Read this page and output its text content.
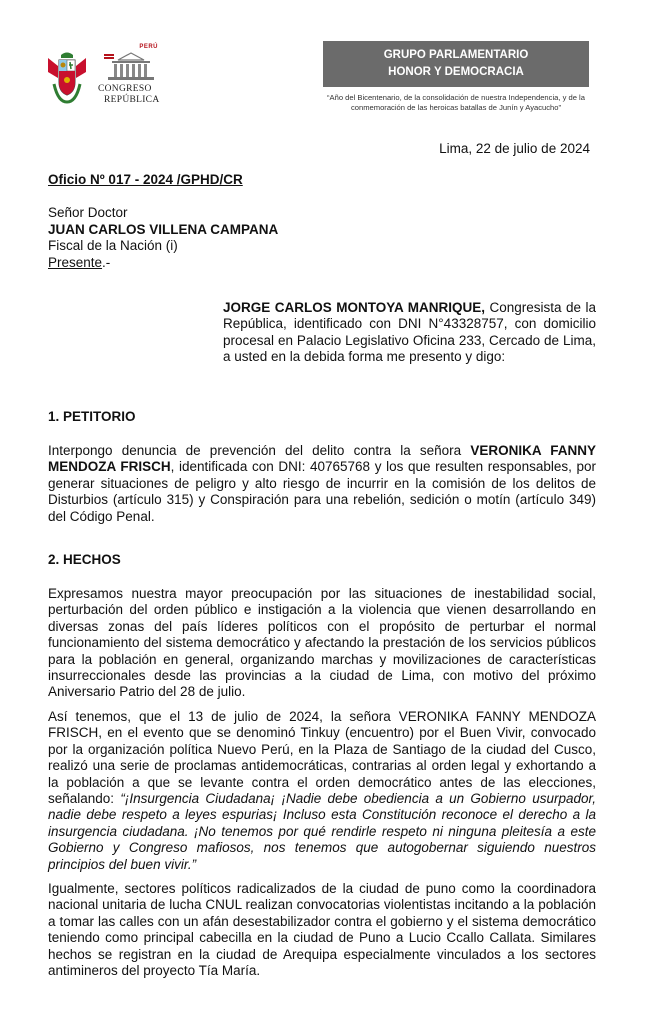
PERÚ
CONGRESO
REPÚBLICA
GRUPO PARLAMENTARIO
HONOR Y DEMOCRACIA
“Año del Bicentenario, de la consolidación de nuestra Independencia, y de la conmemoración de las heroicas batallas de Junín y Ayacucho”
Lima, 22 de julio de 2024
Oficio Nº 017 - 2024 /GPHD/CR
Señor Doctor
JUAN CARLOS VILLENA CAMPANA
Fiscal de la Nación (i)
Presente.-
JORGE CARLOS MONTOYA MANRIQUE, Congresista de la República, identificado con DNI N°43328757, con domicilio procesal en Palacio Legislativo Oficina 233, Cercado de Lima, a usted en la debida forma me presento y digo:
1. PETITORIO
Interpongo denuncia de prevención del delito contra la señora VERONIKA FANNY MENDOZA FRISCH, identificada con DNI: 40765768 y los que resulten responsables, por generar situaciones de peligro y alto riesgo de incurrir en la comisión de los delitos de Disturbios (artículo 315) y Conspiración para una rebelión, sedición o motín (artículo 349) del Código Penal.
2. HECHOS
Expresamos nuestra mayor preocupación por las situaciones de inestabilidad social, perturbación del orden público e instigación a la violencia que vienen desarrollando en diversas zonas del país líderes políticos con el propósito de perturbar el normal funcionamiento del sistema democrático y afectando la prestación de los servicios públicos para la población en general, organizando marchas y movilizaciones de características insurreccionales desde las provincias a la ciudad de Lima, con motivo del próximo Aniversario Patrio del 28 de julio.
Así tenemos, que el 13 de julio de 2024, la señora VERONIKA FANNY MENDOZA FRISCH, en el evento que se denominó Tinkuy (encuentro) por el Buen Vivir, convocado por la organización política Nuevo Perú, en la Plaza de Santiago de la ciudad del Cusco, realizó una serie de proclamas antidemocráticas, contrarias al orden legal y exhortando a la población a que se levante contra el orden democrático antes de las elecciones, señalando: “¡Insurgencia Ciudadana¡ ¡Nadie debe obediencia a un Gobierno usurpador, nadie debe respeto a leyes espurias¡ Incluso esta Constitución reconoce el derecho a la insurgencia ciudadana. ¡No tenemos por qué rendirle respeto ni ninguna pleitesía a este Gobierno y Congreso mafiosos, nos tenemos que autogobernar siguiendo nuestros principios del buen vivir.”
Igualmente, sectores políticos radicalizados de la ciudad de puno como la coordinadora nacional unitaria de lucha CNUL realizan convocatorias violentistas incitando a la población a tomar las calles con un afán desestabilizador contra el gobierno y el sistema democrático teniendo como principal cabecilla en la ciudad de Puno a Lucio Ccallo Callata. Similares hechos se registran en la ciudad de Arequipa especialmente vinculados a los sectores antimineros del proyecto Tía María.
